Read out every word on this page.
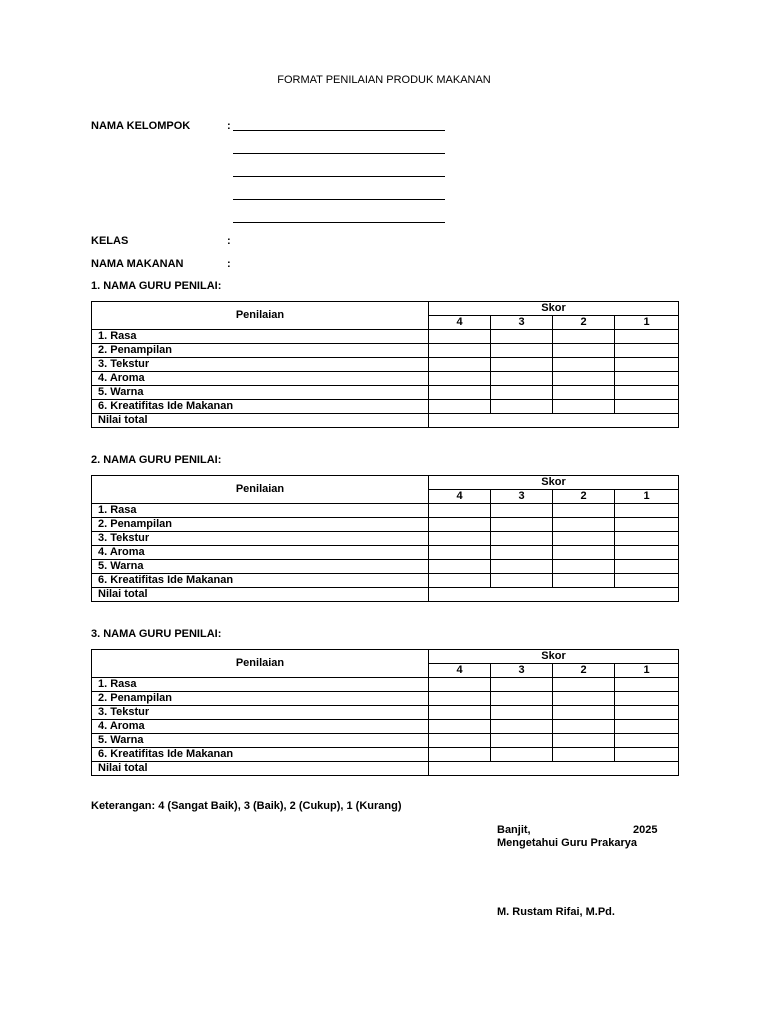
FORMAT PENILAIAN PRODUK MAKANAN
NAMA KELOMPOK	:
KELAS	:
NAMA MAKANAN	:
1. NAMA GURU PENILAI:
Penilaian	Skor			
	4	3	2	1
1. Rasa				
2. Penampilan				
3. Tekstur				
4. Aroma				
5. Warna				
6. Kreatifitas Ide Makanan				
Nilai total				
2. NAMA GURU PENILAI:
Penilaian	Skor			
	4	3	2	1
1. Rasa				
2. Penampilan				
3. Tekstur				
4. Aroma				
5. Warna				
6. Kreatifitas Ide Makanan				
Nilai total				
3. NAMA GURU PENILAI:
Penilaian	Skor			
	4	3	2	1
1. Rasa				
2. Penampilan				
3. Tekstur				
4. Aroma				
5. Warna				
6. Kreatifitas Ide Makanan				
Nilai total				
Keterangan: 4 (Sangat Baik), 3 (Baik), 2 (Cukup), 1 (Kurang)
Banjit,	2025
Mengetahui Guru Prakarya
M. Rustam Rifai, M.Pd.
